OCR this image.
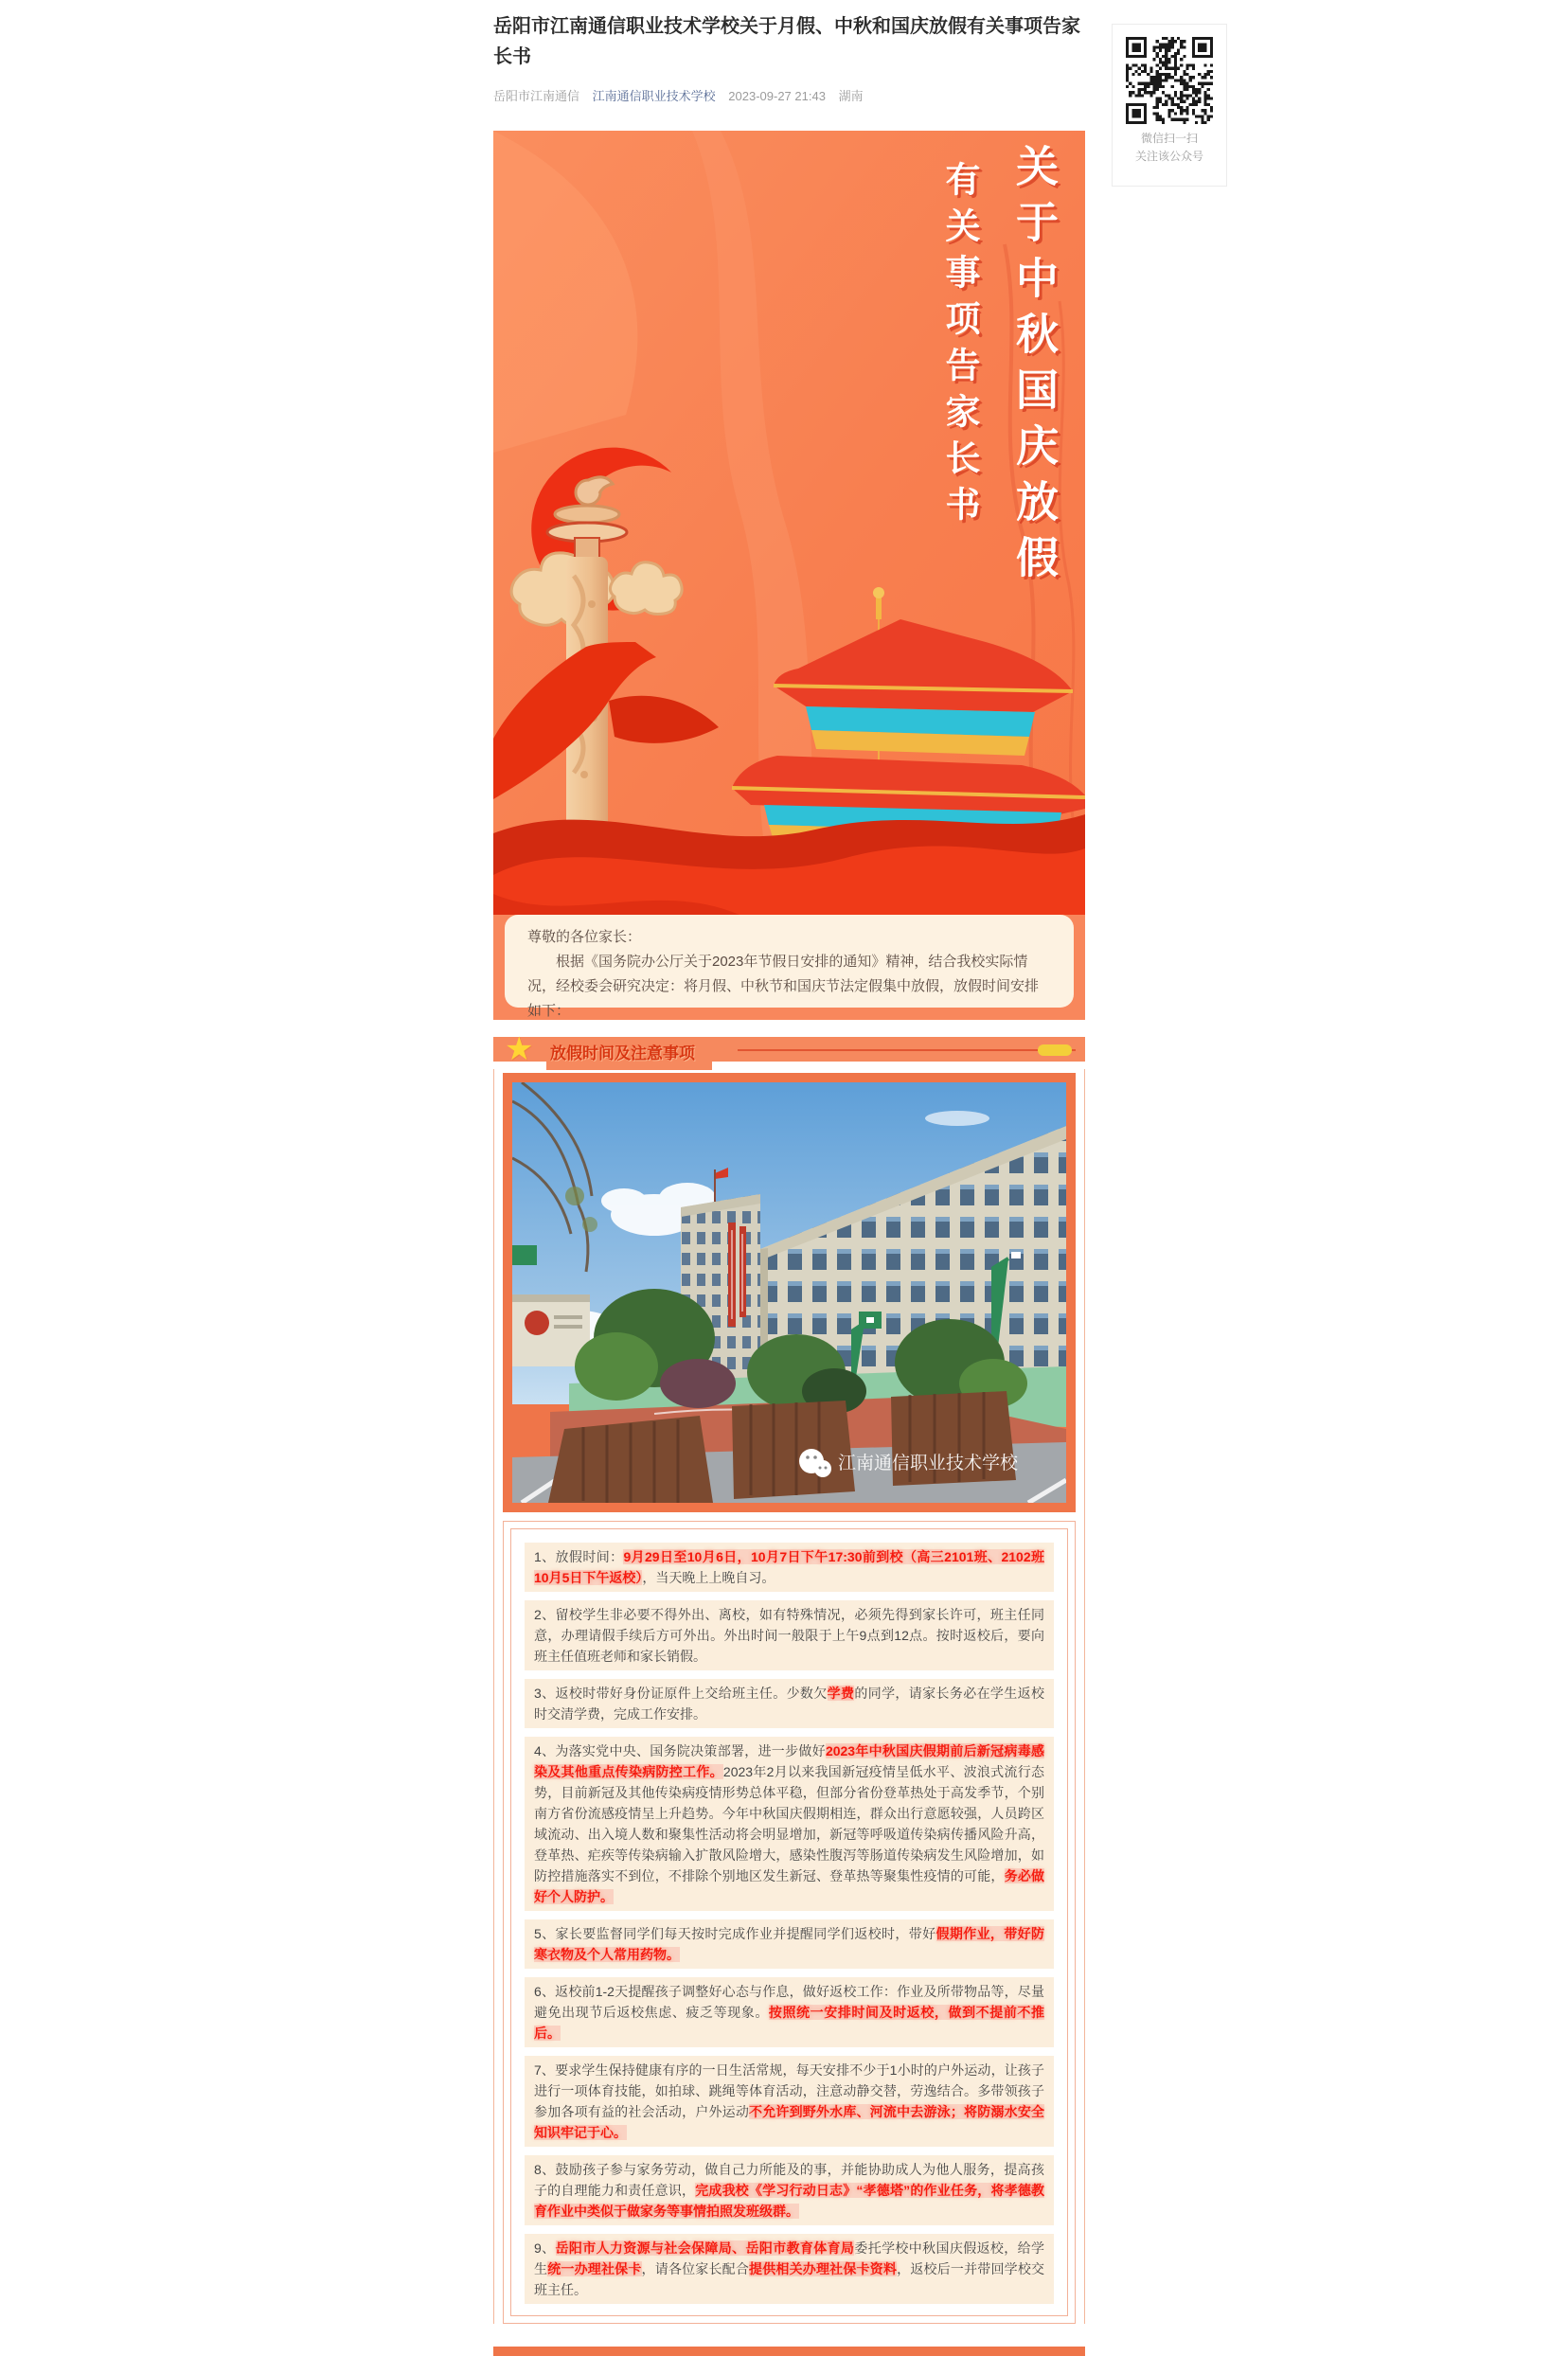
微信扫一扫
关注该公众号
岳阳市江南通信职业技术学校关于月假、中秋和国庆放假有关事项告家长书
岳阳市江南通信 江南通信职业技术学校 2023-09-27 21:43 湖南
关于中秋国庆放假
有关事项告家长书
尊敬的各位家长：
根据《国务院办公厅关于2023年节假日安排的通知》精神，结合我校实际情况，经校委会研究决定：将月假、中秋节和国庆节法定假集中放假，放假时间安排如下：
★ 放假时间及注意事项
江南通信职业技术学校

1、放假时间：9月29日至10月6日，10月7日下午17:30前到校（高三2101班、2102班10月5日下午返校），当天晚上上晚自习。

2、留校学生非必要不得外出、离校，如有特殊情况，必须先得到家长许可，班主任同意，办理请假手续后方可外出。外出时间一般限于上午9点到12点。按时返校后，要向班主任值班老师和家长销假。

3、返校时带好身份证原件上交给班主任。少数欠学费的同学，请家长务必在学生返校时交清学费，完成工作安排。

4、为落实党中央、国务院决策部署，进一步做好2023年中秋国庆假期前后新冠病毒感染及其他重点传染病防控工作。2023年2月以来我国新冠疫情呈低水平、波浪式流行态势，目前新冠及其他传染病疫情形势总体平稳，但部分省份登革热处于高发季节，个别南方省份流感疫情呈上升趋势。今年中秋国庆假期相连，群众出行意愿较强，人员跨区域流动、出入境人数和聚集性活动将会明显增加，新冠等呼吸道传染病传播风险升高，登革热、疟疾等传染病输入扩散风险增大，感染性腹泻等肠道传染病发生风险增加，如防控措施落实不到位，不排除个别地区发生新冠、登革热等聚集性疫情的可能，务必做好个人防护。

5、家长要监督同学们每天按时完成作业并提醒同学们返校时，带好假期作业，带好防寒衣物及个人常用药物。

6、返校前1-2天提醒孩子调整好心态与作息，做好返校工作：作业及所带物品等，尽量避免出现节后返校焦虑、疲乏等现象。按照统一安排时间及时返校，做到不提前不推后。

7、要求学生保持健康有序的一日生活常规，每天安排不少于1小时的户外运动，让孩子进行一项体育技能，如拍球、跳绳等体育活动，注意动静交替，劳逸结合。多带领孩子参加各项有益的社会活动，户外运动不允许到野外水库、河流中去游泳；将防溺水安全知识牢记于心。

8、鼓励孩子参与家务劳动，做自己力所能及的事，并能协助成人为他人服务，提高孩子的自理能力和责任意识，完成我校《学习行动日志》“孝德塔”的作业任务，将孝德教育作业中类似于做家务等事情拍照发班级群。

9、岳阳市人力资源与社会保障局、岳阳市教育体育局委托学校中秋国庆假返校，给学生统一办理社保卡，请各位家长配合提供相关办理社保卡资料，返校后一并带回学校交班主任。
